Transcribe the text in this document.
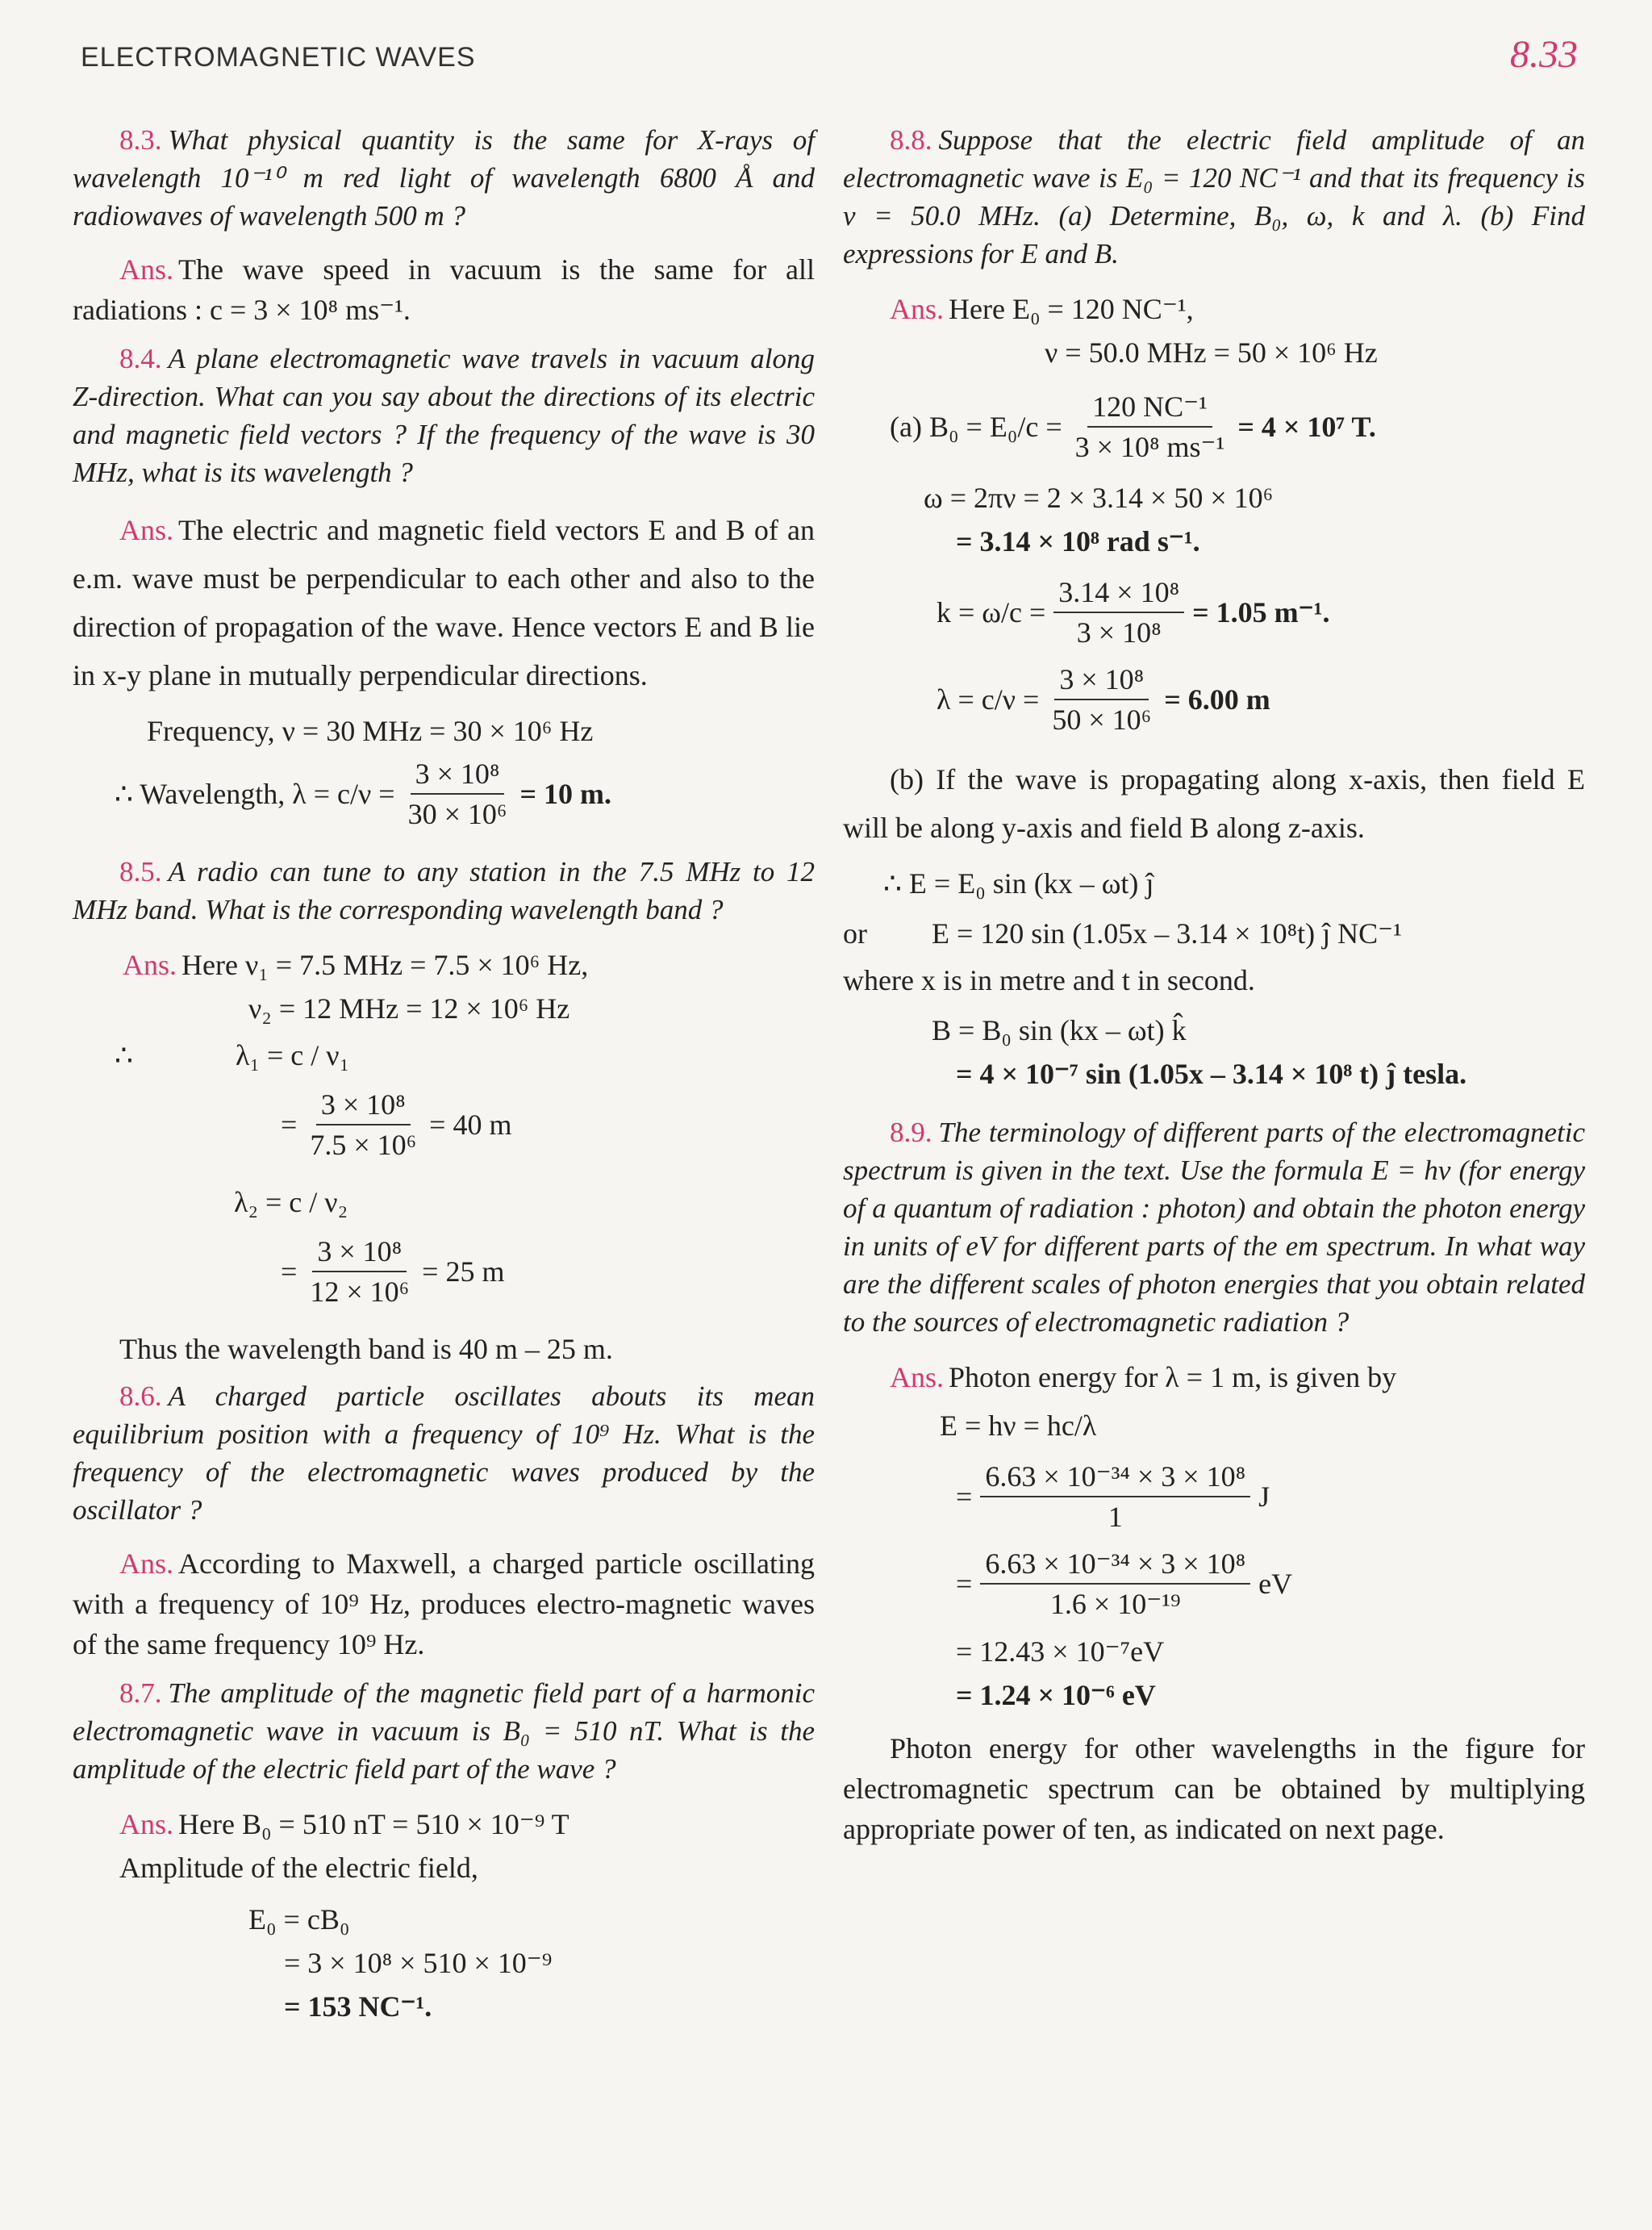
ELECTROMAGNETIC WAVES	8.33

8.3. What physical quantity is the same for X-rays of wavelength 10⁻¹⁰ m red light of wavelength 6800 Å and radiowaves of wavelength 500 m ?

Ans. The wave speed in vacuum is the same for all radiations : c = 3 × 10⁸ ms⁻¹.

8.4. A plane electromagnetic wave travels in vacuum along Z-direction. What can you say about the directions of its electric and magnetic field vectors ? If the frequency of the wave is 30 MHz, what is its wavelength ?

Ans. The electric and magnetic field vectors E and B of an e.m. wave must be perpendicular to each other and also to the direction of propagation of the wave. Hence vectors E and B lie in x-y plane in mutually perpendicular directions.

Frequency, ν = 30 MHz = 30 × 10⁶ Hz

∴ Wavelength, $\lambda = c/\nu = \frac{\text{3 × 10⁸}}{\text{30 × 10⁶}} = 10$ m.

8.5. A radio can tune to any station in the 7.5 MHz to 12 MHz band. What is the corresponding wavelength band ?

Ans. Here ν₁ = 7.5 MHz = 7.5 × 10⁶ Hz,

ν₂ = 12 MHz = 12 × 10⁶ Hz

∴	λ₁ = c / ν₁
= $\frac{\text{3 × 10⁸}}{\text{7.5 × 10⁶}} = 40$ m
λ₂ = c / ν₂
= $\frac{\text{3 × 10⁸}}{\text{12 × 10⁶}} = 25$ m

Thus the wavelength band is 40 m – 25 m.

8.6. A charged particle oscillates abouts its mean equilibrium position with a frequency of 10⁹ Hz. What is the frequency of the electromagnetic waves produced by the oscillator ?

Ans. According to Maxwell, a charged particle oscillating with a frequency of 10⁹ Hz, produces electro-magnetic waves of the same frequency 10⁹ Hz.

8.7. The amplitude of the magnetic field part of a harmonic electromagnetic wave in vacuum is B₀ = 510 nT. What is the amplitude of the electric field part of the wave ?

Ans. Here B₀ = 510 nT = 510 × 10⁻⁹ T

Amplitude of the electric field,

E₀ = cB₀

= 3 × 10⁸ × 510 × 10⁻⁹

= 153 NC⁻¹.

8.8. Suppose that the electric field amplitude of an electromagnetic wave is E₀ = 120 NC⁻¹ and that its frequency is ν = 50.0 MHz. (a) Determine, B₀, ω, k and λ. (b) Find expressions for E and B.

Ans. Here E₀ = 120 NC⁻¹,

ν = 50.0 MHz = 50 × 10⁶ Hz

(a) $B_0 = E_0/c = \frac{\text{120 NC⁻¹}}{\text{3 × 10⁸ ms⁻¹}} = 4 \times 10^7$ T.

ω = 2πν = 2 × 3.14 × 50 × 10⁶

= 3.14 × 10⁸ rad s⁻¹.

$k = \omega/c = \frac{\text{3.14 × 10⁸}}{\text{3 × 10⁸}} = 1.05$ m⁻¹.
$\lambda = c/\nu = \frac{\text{3 × 10⁸}}{\text{50 × 10⁶}} = 6.00$ m

(b) If the wave is propagating along x-axis, then field E will be along y-axis and field B along z-axis.

∴ E = E₀ sin (kx – ωt) ĵ

or	E = 120 sin (1.05x – 3.14 × 10⁸t) ĵ NC⁻¹

where x is in metre and t in second.

B = B₀ sin (kx – ωt) k̂

= 4 × 10⁻⁷ sin (1.05x – 3.14 × 10⁸ t) ĵ tesla.

8.9. The terminology of different parts of the electromagnetic spectrum is given in the text. Use the formula E = hν (for energy of a quantum of radiation : photon) and obtain the photon energy in units of eV for different parts of the em spectrum. In what way are the different scales of photon energies that you obtain related to the sources of electromagnetic radiation ?

Ans. Photon energy for λ = 1 m, is given by

E = hν = hc/λ

= $\frac{\text{6.63 × 10⁻³⁴ × 3 × 10⁸}}{1}$ J
= $\frac{\text{6.63 × 10⁻³⁴ × 3 × 10⁸}}{\text{1.6 × 10⁻¹⁹}}$ eV

= 12.43 × 10⁻⁷eV

= 1.24 × 10⁻⁶ eV

Photon energy for other wavelengths in the figure for electromagnetic spectrum can be obtained by multiplying appropriate power of ten, as indicated on next page.
